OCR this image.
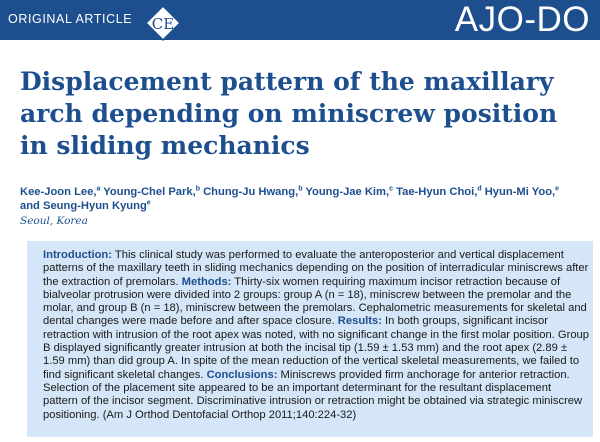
ORIGINAL ARTICLE CE	AJO-DO
Displacement pattern of the maxillary arch depending on miniscrew position in sliding mechanics
Kee-Joon Lee,$^a$ Young-Chel Park,$^b$ Chung-Ju Hwang,$^b$ Young-Jae Kim,$^c$ Tae-Hyun Choi,$^d$ Hyun-Mi Yoo,$^e$
and Seung-Hyun Kyung$^e$
Seoul, Korea
Introduction: This clinical study was performed to evaluate the anteroposterior and vertical displacement patterns of the maxillary teeth in sliding mechanics depending on the position of interradicular miniscrews after the extraction of premolars. Methods: Thirty-six women requiring maximum incisor retraction because of bialveolar protrusion were divided into 2 groups: group A (n = 18), miniscrew between the premolar and the molar, and group B (n = 18), miniscrew between the premolars. Cephalometric measurements for skeletal and dental changes were made before and after space closure. Results: In both groups, significant incisor retraction with intrusion of the root apex was noted, with no significant change in the first molar position. Group B displayed significantly greater intrusion at both the incisal tip (1.59 ± 1.53 mm) and the root apex (2.89 ± 1.59 mm) than did group A. In spite of the mean reduction of the vertical skeletal measurements, we failed to find significant skeletal changes. Conclusions: Miniscrews provided firm anchorage for anterior retraction. Selection of the placement site appeared to be an important determinant for the resultant displacement pattern of the incisor segment. Discriminative intrusion or retraction might be obtained via strategic miniscrew positioning. (Am J Orthod Dentofacial Orthop 2011;140:224-32)
